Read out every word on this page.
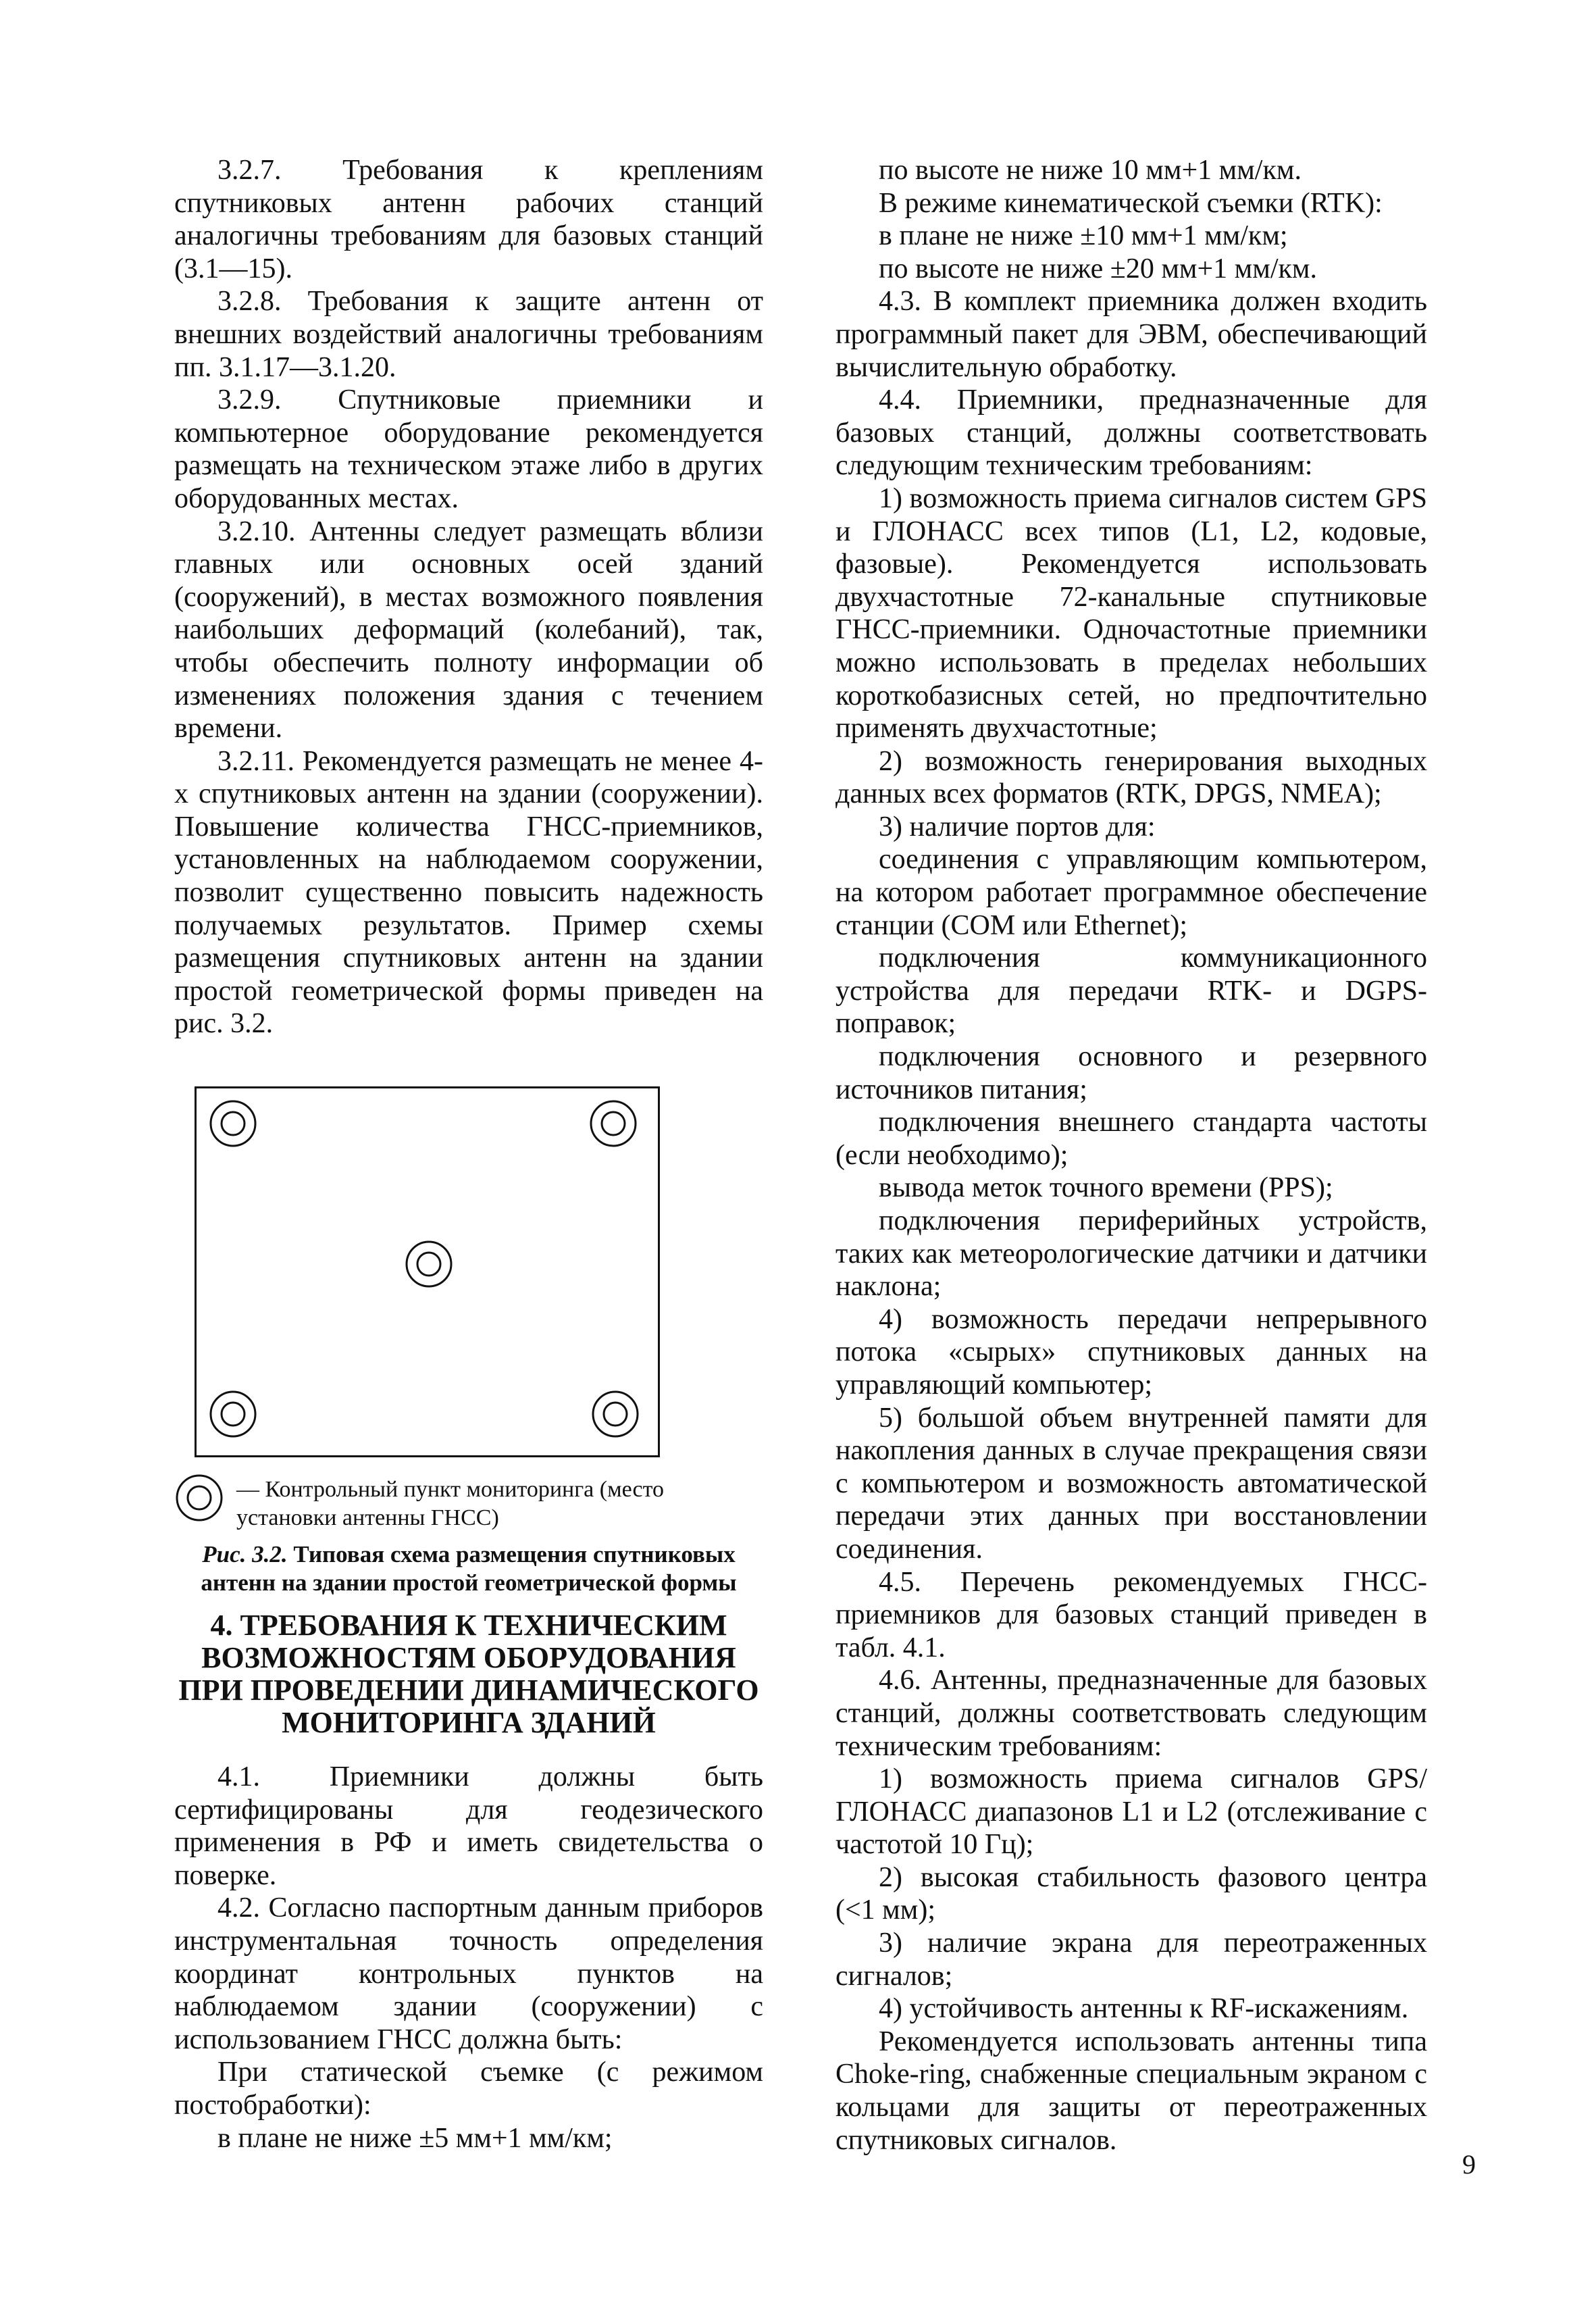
3.2.7. Требования к креплениям спутниковых антенн рабочих станций аналогичны требованиям для базовых станций (3.1—15).

3.2.8. Требования к защите антенн от внешних воздействий аналогичны требованиям пп. 3.1.17—3.1.20.

3.2.9. Спутниковые приемники и компьютерное оборудование рекомендуется размещать на техническом этаже либо в других оборудованных местах.

3.2.10. Антенны следует размещать вблизи главных или основных осей зданий (сооружений), в местах возможного появления наибольших деформаций (колебаний), так, чтобы обеспечить полноту информации об изменениях положения здания с течением времени.

3.2.11. Рекомендуется размещать не менее 4-х спутниковых антенн на здании (сооружении). Повышение количества ГНСС-приемников, установленных на наблюдаемом сооружении, позволит существенно повысить надежность получаемых результатов. Пример схемы размещения спутниковых антенн на здании простой геометрической формы приведен на рис. 3.2.

— Контрольный пункт мониторинга (место установки антенны ГНСС)
Рис. 3.2. Типовая схема размещения спутниковых антенн на здании простой геометрической формы
4. ТРЕБОВАНИЯ К ТЕХНИЧЕСКИМ ВОЗМОЖНОСТЯМ ОБОРУДОВАНИЯ ПРИ ПРОВЕДЕНИИ ДИНАМИЧЕСКОГО МОНИТОРИНГА ЗДАНИЙ

4.1. Приемники должны быть сертифицированы для геодезического применения в РФ и иметь свидетельства о поверке.

4.2. Согласно паспортным данным приборов инструментальная точность определения координат контрольных пунктов на наблюдаемом здании (сооружении) с использованием ГНСС должна быть:

При статической съемке (с режимом постобработки):

в плане не ниже ±5 мм+1 мм/км;

по высоте не ниже 10 мм+1 мм/км.

В режиме кинематической съемки (RTK):

в плане не ниже ±10 мм+1 мм/км;

по высоте не ниже ±20 мм+1 мм/км.

4.3. В комплект приемника должен входить программный пакет для ЭВМ, обеспечивающий вычислительную обработку.

4.4. Приемники, предназначенные для базовых станций, должны соответствовать следующим техническим требованиям:

1) возможность приема сигналов систем GPS и ГЛОНАСС всех типов (L1, L2, кодовые, фазовые). Рекомендуется использовать двухчастотные 72-канальные спутниковые ГНСС-приемники. Одночастотные приемники можно использовать в пределах небольших короткобазисных сетей, но предпочтительно применять двухчастотные;

2) возможность генерирования выходных данных всех форматов (RTK, DPGS, NMEA);

3) наличие портов для:

соединения с управляющим компьютером, на котором работает программное обеспечение станции (СОМ или Ethernet);

подключения коммуникационного устройства для передачи RTK- и DGPS-поправок;

подключения основного и резервного источников питания;

подключения внешнего стандарта частоты (если необходимо);

вывода меток точного времени (PPS);

подключения периферийных устройств, таких как метеорологические датчики и датчики наклона;

4) возможность передачи непрерывного потока «сырых» спутниковых данных на управляющий компьютер;

5) большой объем внутренней памяти для накопления данных в случае прекращения связи с компьютером и возможность автоматической передачи этих данных при восстановлении соединения.

4.5. Перечень рекомендуемых ГНСС-приемников для базовых станций приведен в табл. 4.1.

4.6. Антенны, предназначенные для базовых станций, должны соответствовать следующим техническим требованиям:

1) возможность приема сигналов GPS/ГЛОНАСС диапазонов L1 и L2 (отслеживание с частотой 10 Гц);

2) высокая стабильность фазового центра (<1 мм);

3) наличие экрана для переотраженных сигналов;

4) устойчивость антенны к RF-искажениям.

Рекомендуется использовать антенны типа Choke-ring, снабженные специальным экраном с кольцами для защиты от переотраженных спутниковых сигналов.

9
